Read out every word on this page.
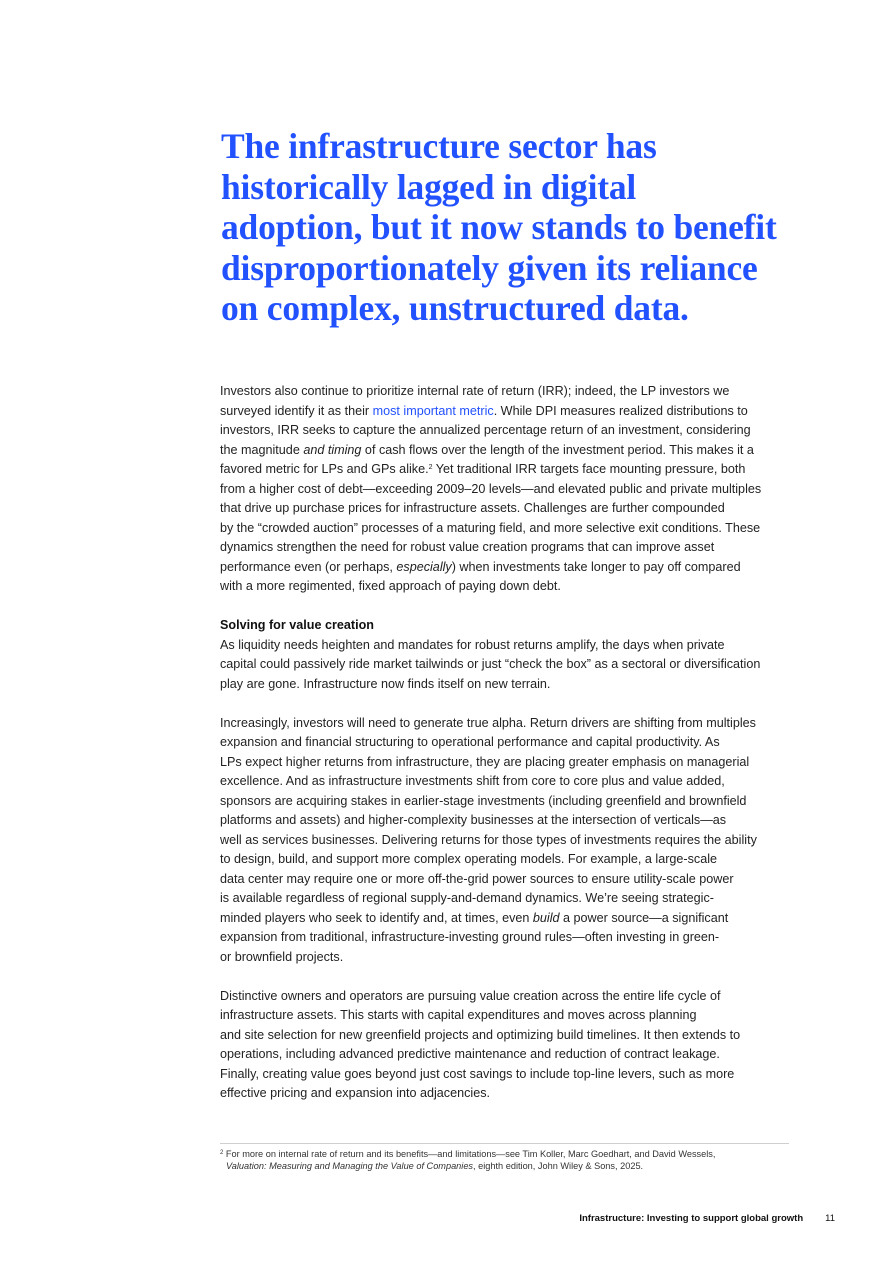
The infrastructure sector has
historically lagged in digital
adoption, but it now stands to benefit
disproportionately given its reliance
on complex, unstructured data.

Investors also continue to prioritize internal rate of return (IRR); indeed, the LP investors we
surveyed identify it as their most important metric. While DPI measures realized distributions to
investors, IRR seeks to capture the annualized percentage return of an investment, considering
the magnitude and timing of cash flows over the length of the investment period. This makes it a
favored metric for LPs and GPs alike.$^2$ Yet traditional IRR targets face mounting pressure, both
from a higher cost of debt—exceeding 2009–20 levels—and elevated public and private multiples
that drive up purchase prices for infrastructure assets. Challenges are further compounded
by the “crowded auction” processes of a maturing field, and more selective exit conditions. These
dynamics strengthen the need for robust value creation programs that can improve asset
performance even (or perhaps, especially) when investments take longer to pay off compared
with a more regimented, fixed approach of paying down debt.

Solving for value creation
As liquidity needs heighten and mandates for robust returns amplify, the days when private
capital could passively ride market tailwinds or just “check the box” as a sectoral or diversification
play are gone. Infrastructure now finds itself on new terrain.

Increasingly, investors will need to generate true alpha. Return drivers are shifting from multiples
expansion and financial structuring to operational performance and capital productivity. As
LPs expect higher returns from infrastructure, they are placing greater emphasis on managerial
excellence. And as infrastructure investments shift from core to core plus and value added,
sponsors are acquiring stakes in earlier-stage investments (including greenfield and brownfield
platforms and assets) and higher-complexity businesses at the intersection of verticals—as
well as services businesses. Delivering returns for those types of investments requires the ability
to design, build, and support more complex operating models. For example, a large-scale
data center may require one or more off-the-grid power sources to ensure utility-scale power
is available regardless of regional supply-and-demand dynamics. We’re seeing strategic-
minded players who seek to identify and, at times, even build a power source—a significant
expansion from traditional, infrastructure-investing ground rules—often investing in green-
or brownfield projects.

Distinctive owners and operators are pursuing value creation across the entire life cycle of
infrastructure assets. This starts with capital expenditures and moves across planning
and site selection for new greenfield projects and optimizing build timelines. It then extends to
operations, including advanced predictive maintenance and reduction of contract leakage.
Finally, creating value goes beyond just cost savings to include top-line levers, such as more
effective pricing and expansion into adjacencies.

$^2$ For more on internal rate of return and its benefits—and limitations—see Tim Koller, Marc Goedhart, and David Wessels,
Valuation: Measuring and Managing the Value of Companies, eighth edition, John Wiley & Sons, 2025.
Infrastructure: Investing to support global growth 11
